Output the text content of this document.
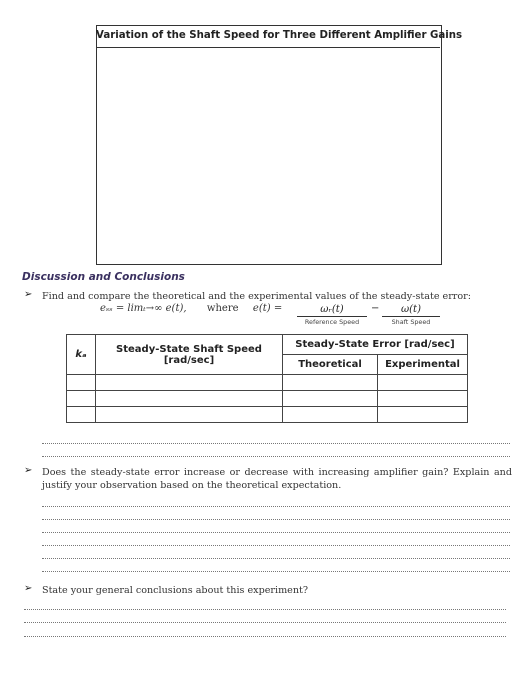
Variation of the Shaft Speed for Three Different Amplifier Gains
Discussion and Conclusions
➢ Find and compare the theoretical and the experimental values of the steady-state error:
eₛₛ = limₜ→∞ e(t), where e(t) =	ωᵣ(t)
Reference Speed
−	ω(t)
Shaft Speed
kₐ	Steady-State Shaft Speed [rad/sec]	Steady-State Error [rad/sec]	
		Theoretical	Experimental

➢ Does the steady-state error increase or decrease with increasing amplifier gain? Explain and justify your observation based on the theoretical expectation.
➢ State your general conclusions about this experiment?
